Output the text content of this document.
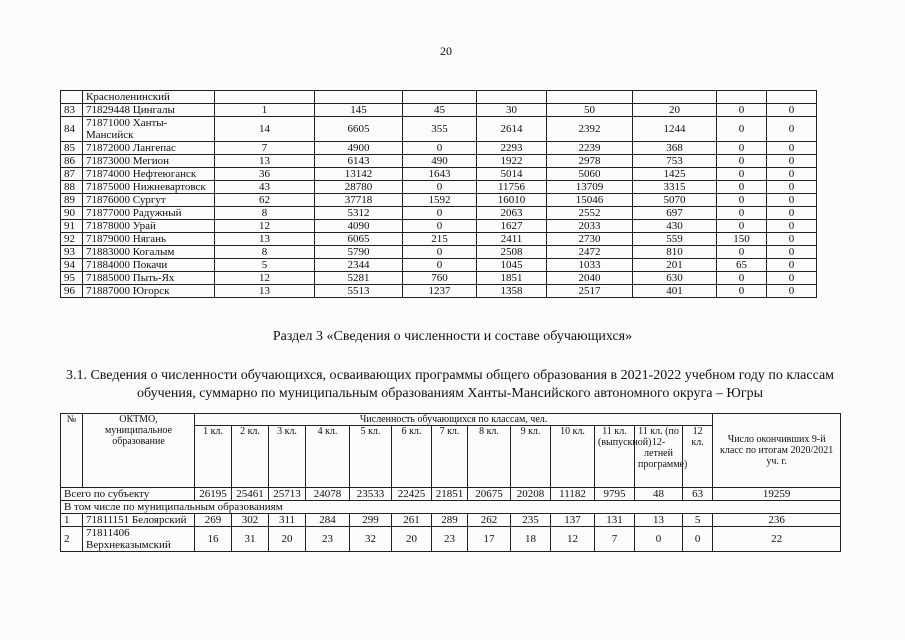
20
	Красноленинский								
83	71829448 Цингалы	1	145	45	30	50	20	0	0
84	71871000 Ханты-Мансийск	14	6605	355	2614	2392	1244	0	0
85	71872000 Лангепас	7	4900	0	2293	2239	368	0	0
86	71873000 Мегион	13	6143	490	1922	2978	753	0	0
87	71874000 Нефтеюганск	36	13142	1643	5014	5060	1425	0	0
88	71875000 Нижневартовск	43	28780	0	11756	13709	3315	0	0
89	71876000 Сургут	62	37718	1592	16010	15046	5070	0	0
90	71877000 Радужный	8	5312	0	2063	2552	697	0	0
91	71878000 Урай	12	4090	0	1627	2033	430	0	0
92	71879000 Нягань	13	6065	215	2411	2730	559	150	0
93	71883000 Когалым	8	5790	0	2508	2472	810	0	0
94	71884000 Покачи	5	2344	0	1045	1033	201	65	0
95	71885000 Пыть-Ях	12	5281	760	1851	2040	630	0	0
96	71887000 Югорск	13	5513	1237	1358	2517	401	0	0
Раздел 3 «Сведения о численности и составе обучающихся»
3.1. Сведения о численности обучающихся, осваивающих программы общего образования в 2021-2022 учебном году по классам обучения, суммарно по муниципальным образованиям Ханты-Мансийского автономного округа – Югры
№	ОКТМО, муниципальное образование	Численность обучающихся по классам, чел.													Число окончивших 9-й класс по итогам 2020/2021 уч. г.
		1 кл.	2 кл.	3 кл.	4 кл.	5 кл.	6 кл.	7 кл.	8 кл.	9 кл.	10 кл.	11 кл. (выпускной)	11 кл. (по 12-летней программе)	12 кл.	
Всего по субъекту		26195	25461	25713	24078	23533	22425	21851	20675	20208	11182	9795	48	63	19259
В том числе по муниципальным образованиям															
1	71811151 Белоярский	269	302	311	284	299	261	289	262	235	137	131	13	5	236
2	71811406 Верхнеказымский	16	31	20	23	32	20	23	17	18	12	7	0	0	22
